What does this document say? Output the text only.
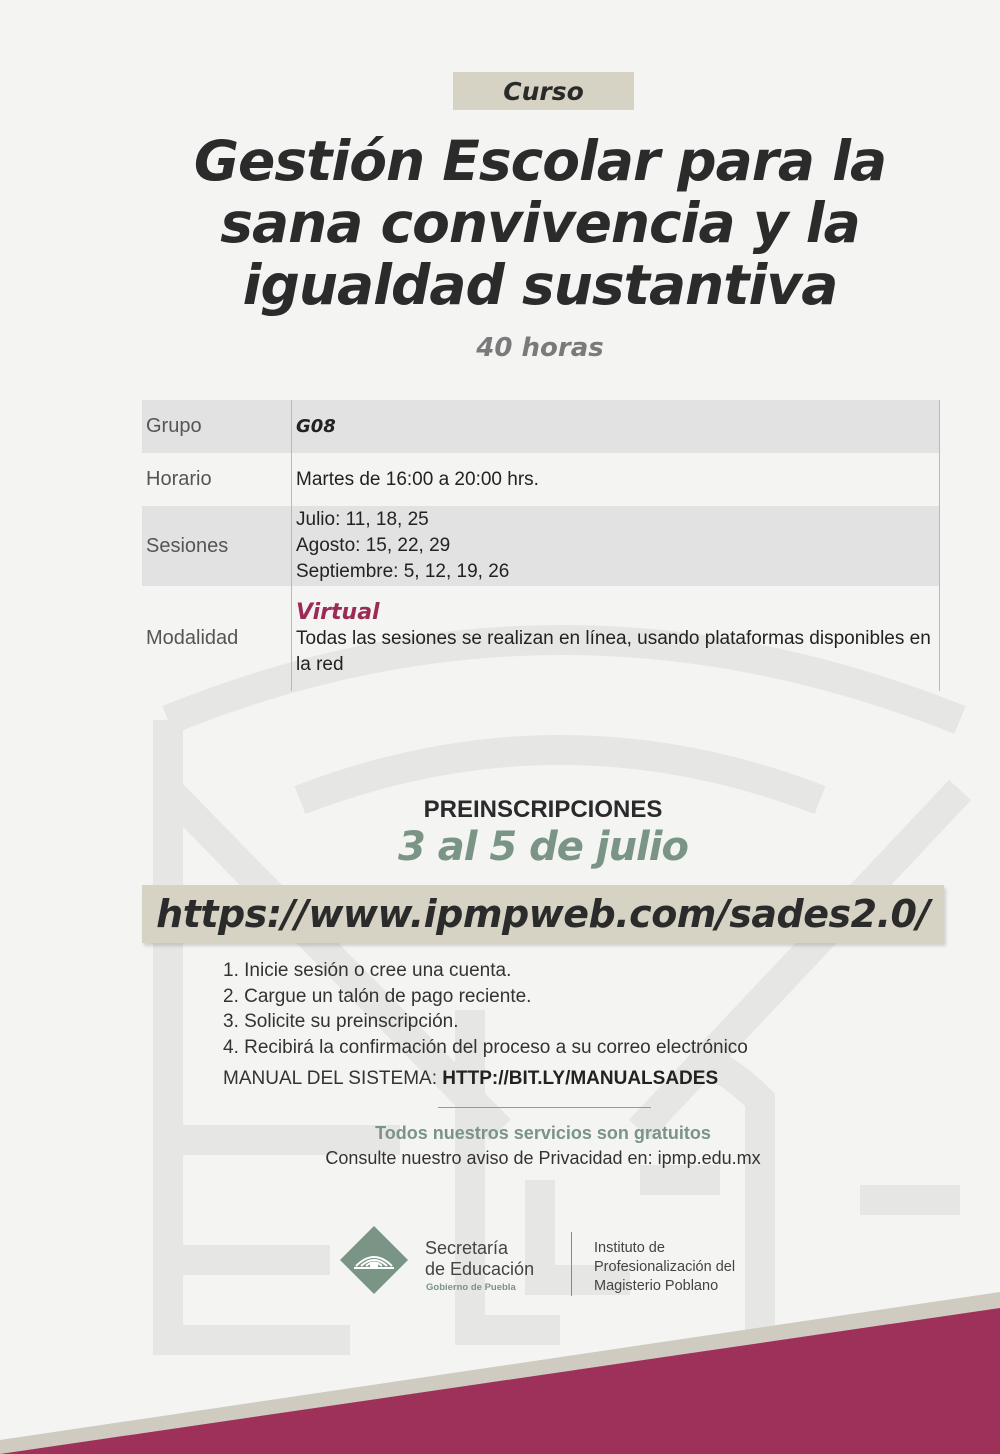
Curso
Gestión Escolar para la
sana convivencia y la
igualdad sustantiva
40 horas
Grupo	G08
Horario	Martes de 16:00 a 20:00 hrs.
Sesiones	Julio: 11, 18, 25
Agosto: 15, 22, 29
Septiembre: 5, 12, 19, 26

Modalidad	Virtual
Todas las sesiones se realizan en línea, usando plataformas disponibles en la red
PREINSCRIPCIONES
3 al 5 de julio
https://www.ipmpweb.com/sades2.0/
1. Inicie sesión o cree una cuenta.
2. Cargue un talón de pago reciente.
3. Solicite su preinscripción.
4. Recibirá la confirmación del proceso a su correo electrónico
MANUAL DEL SISTEMA: HTTP://BIT.LY/MANUALSADES
Todos nuestros servicios son gratuitos
Consulte nuestro aviso de Privacidad en: ipmp.edu.mx
Secretaría
de Educación
Gobierno de Puebla
Instituto de
Profesionalización del
Magisterio Poblano
